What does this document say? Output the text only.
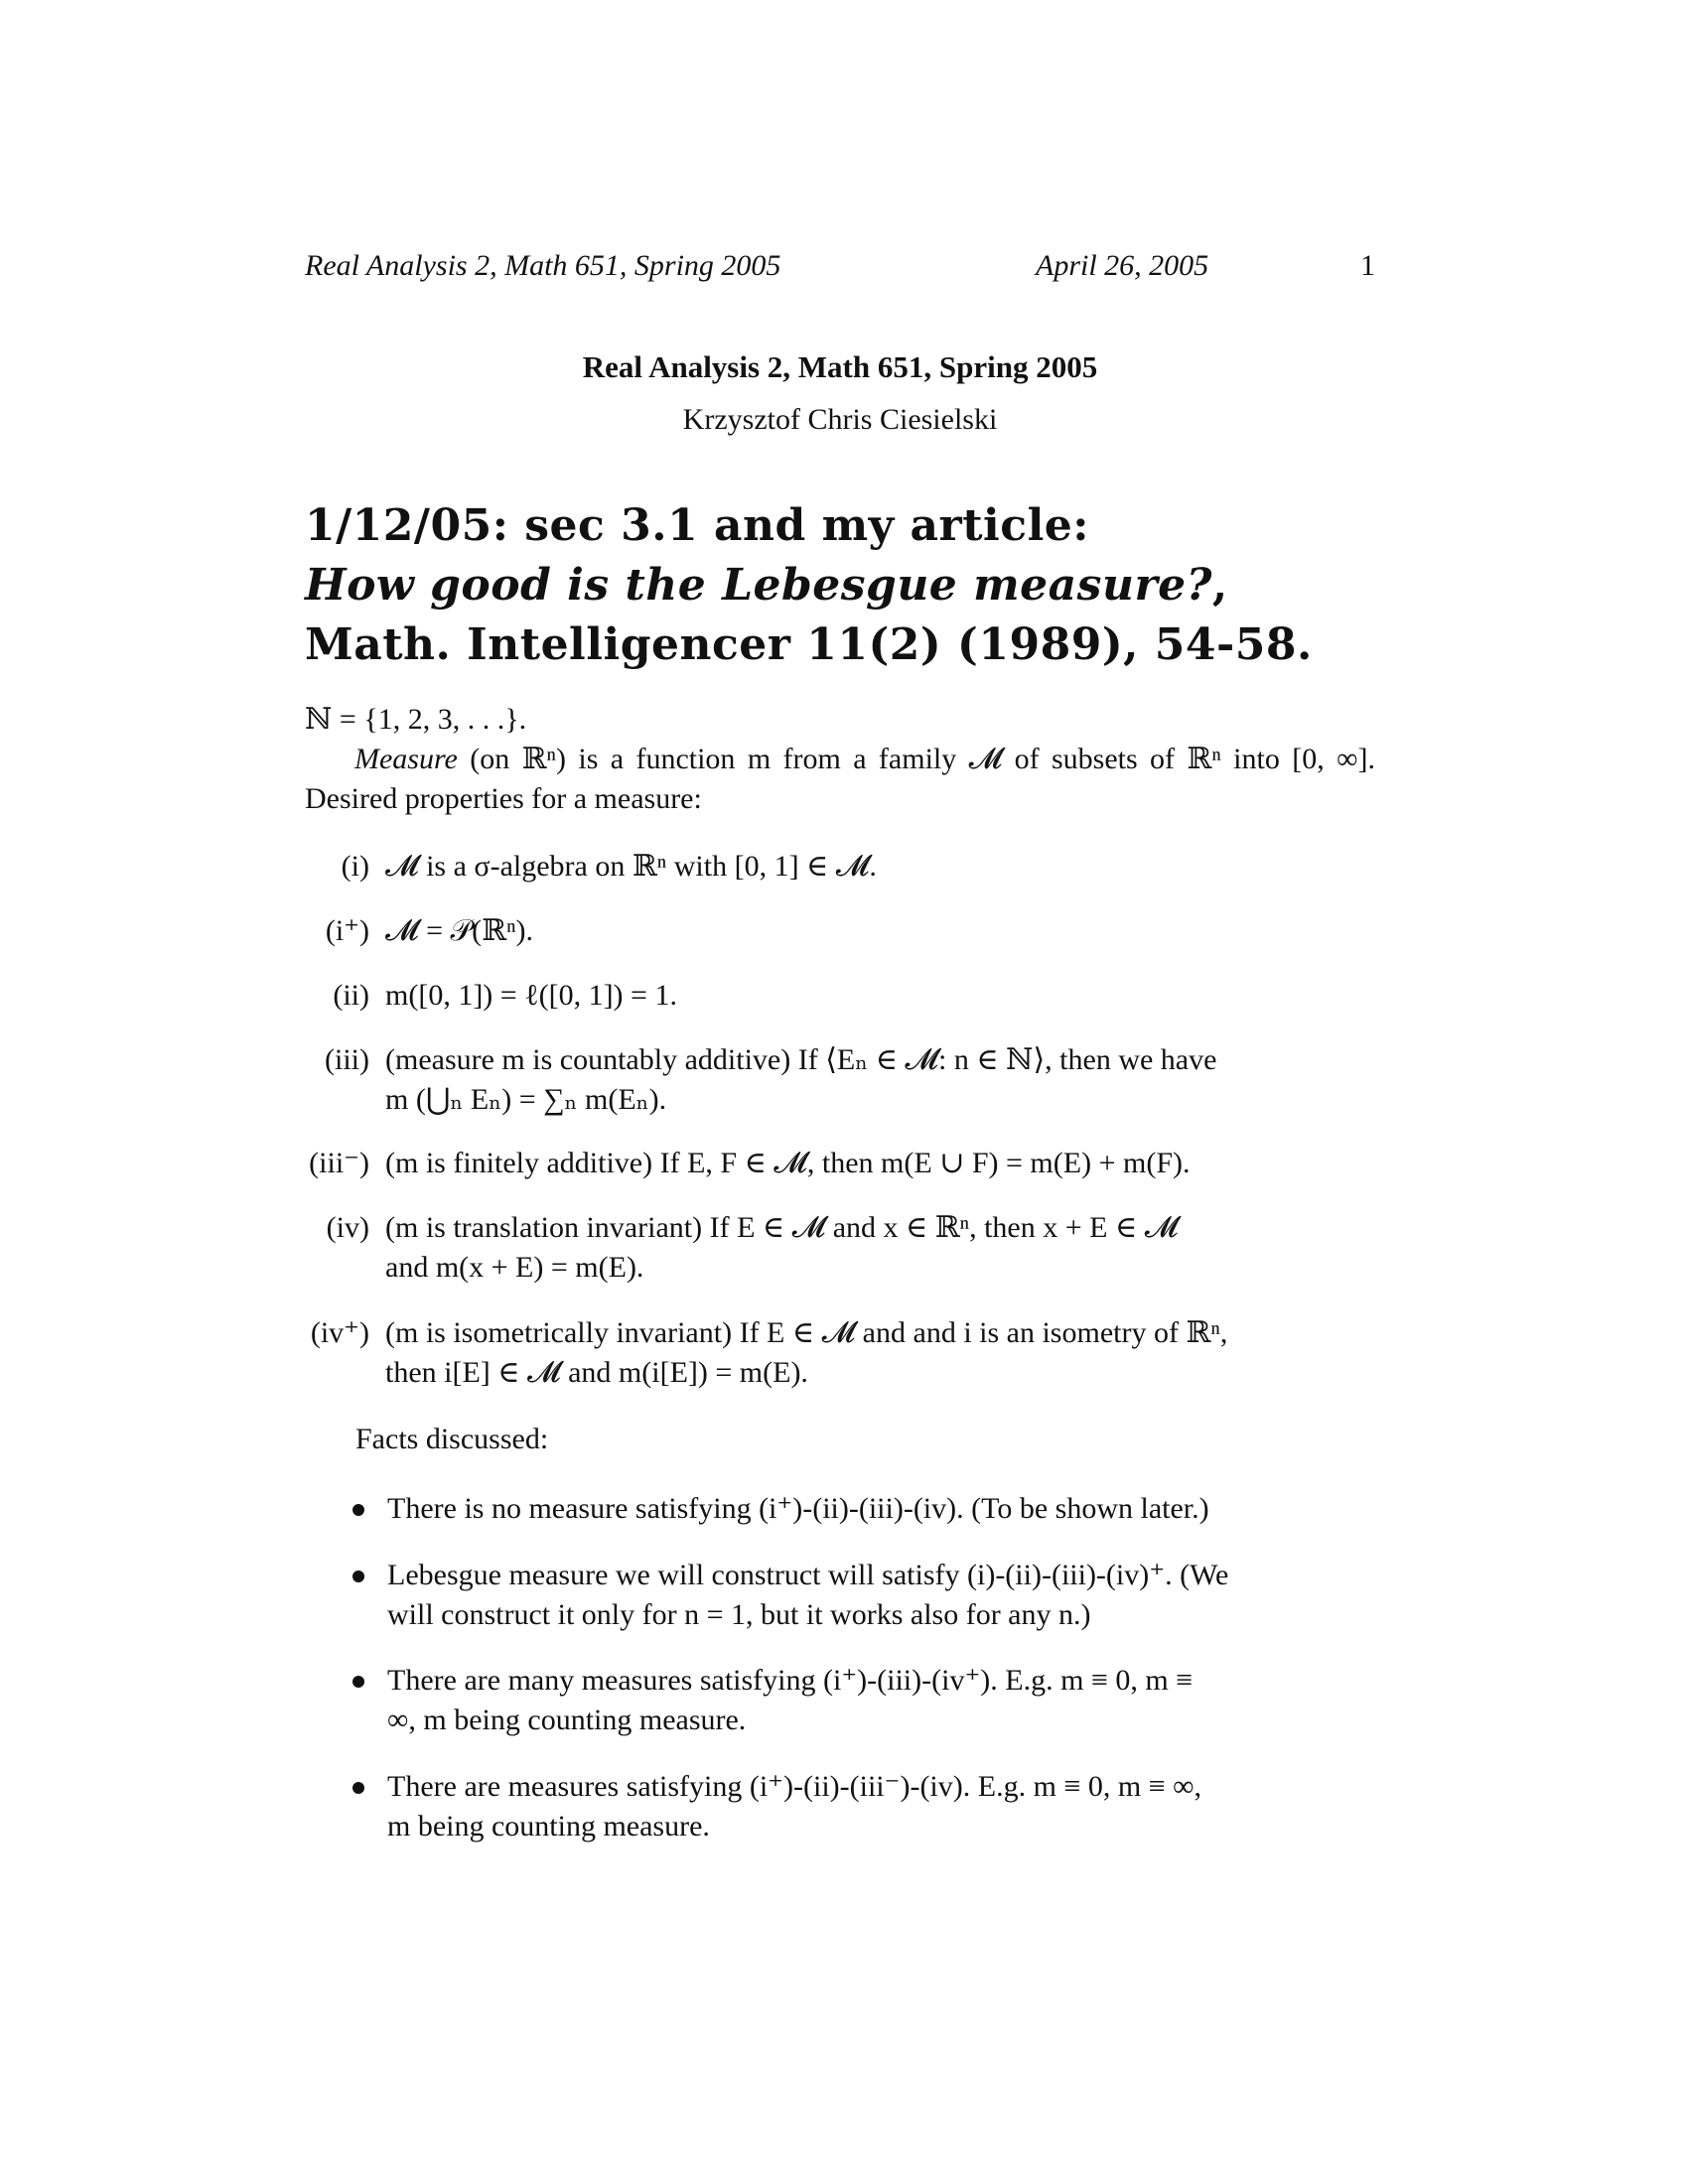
Real Analysis 2, Math 651, Spring 2005	April 26, 2005	1
Real Analysis 2, Math 651, Spring 2005
Krzysztof Chris Ciesielski
1/12/05: sec 3.1 and my article:
How good is the Lebesgue measure?,
Math. Intelligencer 11(2) (1989), 54-58.
ℕ = {1, 2, 3, . . .}.
Measure (on ℝⁿ) is a function m from a family 𝓜 of subsets of ℝⁿ into [0, ∞]. Desired properties for a measure:
(i) 𝓜 is a σ-algebra on ℝⁿ with [0, 1] ∈ 𝓜.
(i⁺) 𝓜 = 𝒫(ℝⁿ).
(ii) m([0, 1]) = ℓ([0, 1]) = 1.
(iii) (measure m is countably additive) If ⟨Eₙ ∈ 𝓜: n ∈ ℕ⟩, then we have
m (⋃ₙ Eₙ) = ∑ₙ m(Eₙ).
(iii⁻) (m is finitely additive) If E, F ∈ 𝓜, then m(E ∪ F) = m(E) + m(F).
(iv) (m is translation invariant) If E ∈ 𝓜 and x ∈ ℝⁿ, then x + E ∈ 𝓜
and m(x + E) = m(E).
(iv⁺) (m is isometrically invariant) If E ∈ 𝓜 and and i is an isometry of ℝⁿ,
then i[E] ∈ 𝓜 and m(i[E]) = m(E).
Facts discussed:
There is no measure satisfying (i⁺)-(ii)-(iii)-(iv). (To be shown later.)
Lebesgue measure we will construct will satisfy (i)-(ii)-(iii)-(iv)⁺. (We
will construct it only for n = 1, but it works also for any n.)
There are many measures satisfying (i⁺)-(iii)-(iv⁺). E.g. m ≡ 0, m ≡
∞, m being counting measure.
There are measures satisfying (i⁺)-(ii)-(iii⁻)-(iv). E.g. m ≡ 0, m ≡ ∞,
m being counting measure.
